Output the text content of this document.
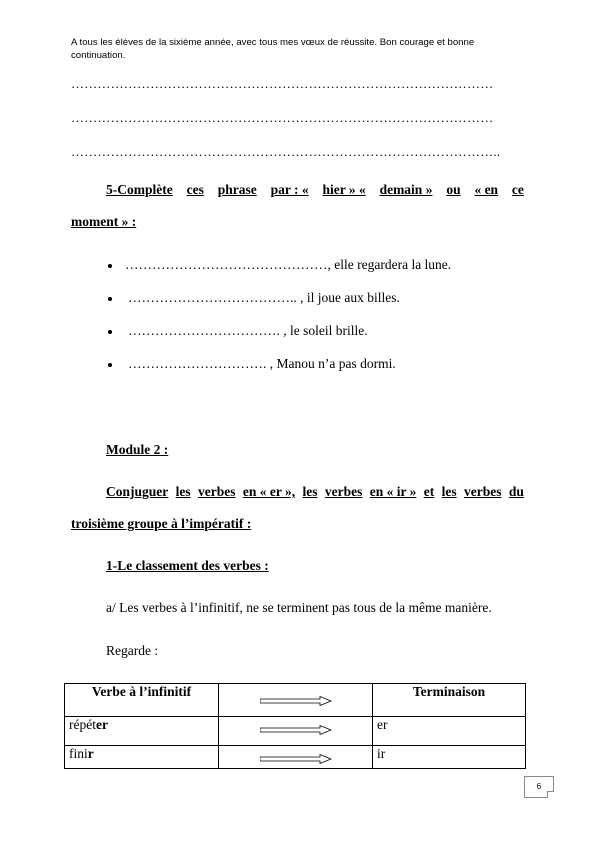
A tous les élèves de la sixième année, avec tous mes vœux de réussite. Bon courage et bonne continuation.
……………………………………………………………………………………
……………………………………………………………………………………
……………………………………………………………………………………..
5-Complète ces phrase par : « hier » « demain » ou « en ce
moment » :
………………………………………, elle regardera la lune.
……………………………….. , il joue aux billes.
……………………………. , le soleil brille.
…………………………. , Manou n’a pas dormi.
Module 2 :
Conjuguer les verbes en « er », les verbes en « ir » et les verbes du
troisième groupe à l’impératif :
1-Le classement des verbes :
a/ Les verbes à l’infinitif, ne se terminent pas tous de la même manière.
Regarde :
Verbe à l’infinitif		Terminaison
répéter		er
finir		ir
6
